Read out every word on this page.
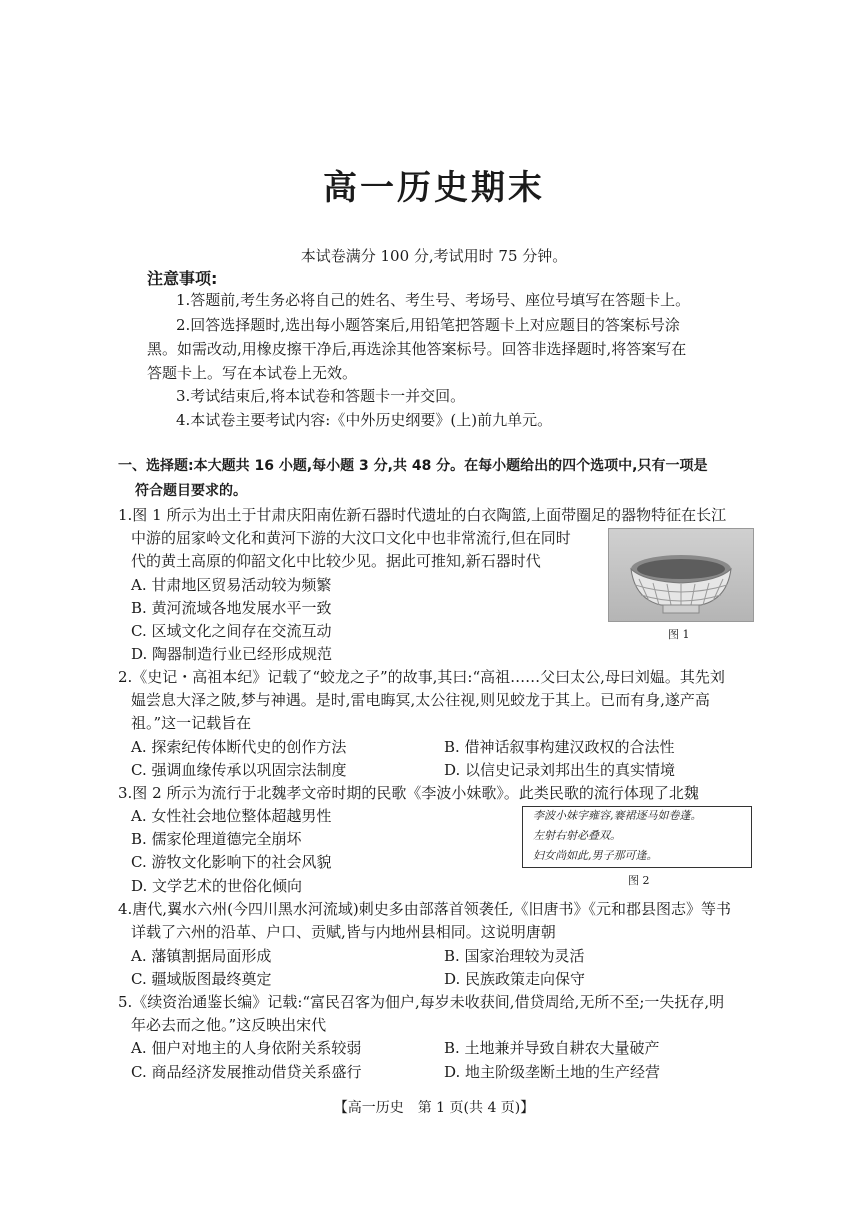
高一历史期末
本试卷满分 100 分,考试用时 75 分钟。
注意事项:
1.答题前,考生务必将自己的姓名、考生号、考场号、座位号填写在答题卡上。
2.回答选择题时,选出每小题答案后,用铅笔把答题卡上对应题目的答案标号涂
黑。如需改动,用橡皮擦干净后,再选涂其他答案标号。回答非选择题时,将答案写在
答题卡上。写在本试卷上无效。
3.考试结束后,将本试卷和答题卡一并交回。
4.本试卷主要考试内容:《中外历史纲要》(上)前九单元。
一、选择题:本大题共 16 小题,每小题 3 分,共 48 分。在每小题给出的四个选项中,只有一项是
符合题目要求的。
1.图 1 所示为出土于甘肃庆阳南佐新石器时代遗址的白衣陶篮,上面带圈足的器物特征在长江
中游的屈家岭文化和黄河下游的大汶口文化中也非常流行,但在同时
代的黄土高原的仰韶文化中比较少见。据此可推知,新石器时代
A. 甘肃地区贸易活动较为频繁
B. 黄河流域各地发展水平一致
C. 区域文化之间存在交流互动
D. 陶器制造行业已经形成规范
图 1
2.《史记・高祖本纪》记载了“蛟龙之子”的故事,其曰:“高祖……父曰太公,母曰刘媪。其先刘
媪尝息大泽之陂,梦与神遇。是时,雷电晦冥,太公往视,则见蛟龙于其上。已而有身,遂产高
祖。”这一记载旨在
A. 探索纪传体断代史的创作方法	B. 借神话叙事构建汉政权的合法性
C. 强调血缘传承以巩固宗法制度	D. 以信史记录刘邦出生的真实情境
3.图 2 所示为流行于北魏孝文帝时期的民歌《李波小妹歌》。此类民歌的流行体现了北魏
A. 女性社会地位整体超越男性
B. 儒家伦理道德完全崩坏
C. 游牧文化影响下的社会风貌
D. 文学艺术的世俗化倾向
李波小妹字雍容,褰裙逐马如卷蓬。
左射右射必叠双。
妇女尚如此,男子那可逢。
图 2
4.唐代,翼水六州(今四川黑水河流域)刺史多由部落首领袭任,《旧唐书》《元和郡县图志》等书
详载了六州的沿革、户口、贡赋,皆与内地州县相同。这说明唐朝
A. 藩镇割据局面形成	B. 国家治理较为灵活
C. 疆域版图最终奠定	D. 民族政策走向保守
5.《续资治通鉴长编》记载:“富民召客为佃户,每岁未收获间,借贷周给,无所不至;一失抚存,明
年必去而之他。”这反映出宋代
A. 佃户对地主的人身依附关系较弱	B. 土地兼并导致自耕农大量破产
C. 商品经济发展推动借贷关系盛行	D. 地主阶级垄断土地的生产经营
【高一历史　第 1 页(共 4 页)】
